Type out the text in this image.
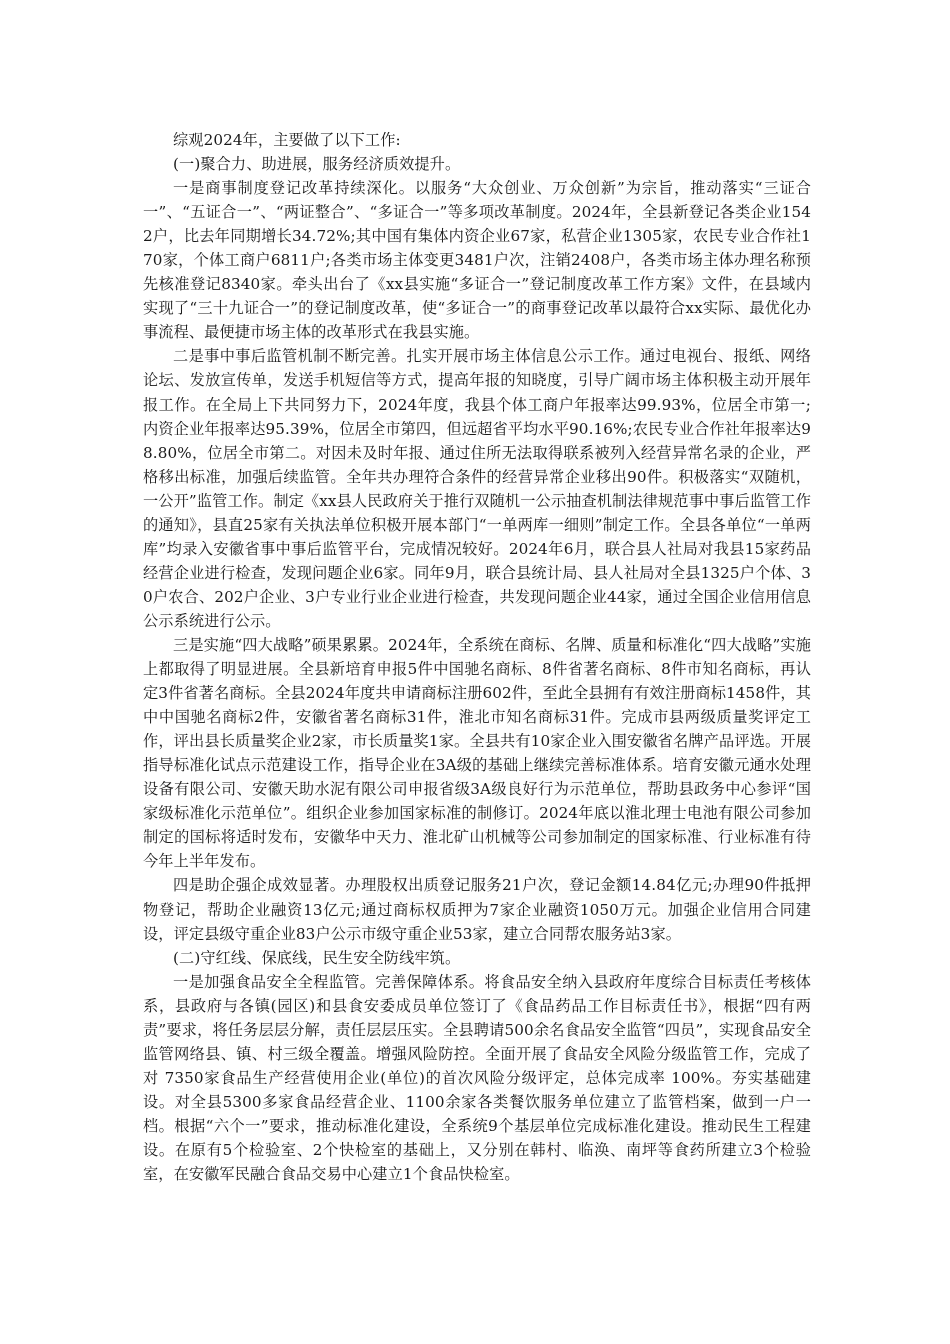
综观2024年，主要做了以下工作:

(一)聚合力、助进展，服务经济质效提升。

一是商事制度登记改革持续深化。以服务“大众创业、万众创新”为宗旨，推动落实“三证合一”、“五证合一”、“两证整合”、“多证合一”等多项改革制度。2024年，全县新登记各类企业1542户，比去年同期增长34.72%;其中国有集体内资企业67家，私营企业1305家，农民专业合作社170家，个体工商户6811户;各类市场主体变更3481户次，注销2408户，各类市场主体办理名称预先核准登记8340家。牵头出台了《xx县实施“多证合一”登记制度改革工作方案》文件，在县域内实现了“三十九证合一”的登记制度改革，使“多证合一”的商事登记改革以最符合xx实际、最优化办事流程、最便捷市场主体的改革形式在我县实施。

二是事中事后监管机制不断完善。扎实开展市场主体信息公示工作。通过电视台、报纸、网络论坛、发放宣传单，发送手机短信等方式，提高年报的知晓度，引导广阔市场主体积极主动开展年报工作。在全局上下共同努力下，2024年度，我县个体工商户年报率达99.93%，位居全市第一;内资企业年报率达95.39%，位居全市第四，但远超省平均水平90.16%;农民专业合作社年报率达98.80%，位居全市第二。对因未及时年报、通过住所无法取得联系被列入经营异常名录的企业，严格移出标准，加强后续监管。全年共办理符合条件的经营异常企业移出90件。积极落实“双随机，一公开”监管工作。制定《xx县人民政府关于推行双随机一公示抽查机制法律规范事中事后监管工作的通知》，县直25家有关执法单位积极开展本部门“一单两库一细则”制定工作。全县各单位“一单两库”均录入安徽省事中事后监管平台，完成情况较好。2024年6月，联合县人社局对我县15家药品经营企业进行检查，发现问题企业6家。同年9月，联合县统计局、县人社局对全县1325户个体、30户农合、202户企业、3户专业行业企业进行检查，共发现问题企业44家，通过全国企业信用信息公示系统进行公示。

三是实施“四大战略”硕果累累。2024年，全系统在商标、名牌、质量和标准化“四大战略”实施上都取得了明显进展。全县新培育申报5件中国驰名商标、8件省著名商标、8件市知名商标，再认定3件省著名商标。全县2024年度共申请商标注册602件，至此全县拥有有效注册商标1458件，其中中国驰名商标2件，安徽省著名商标31件，淮北市知名商标31件。完成市县两级质量奖评定工作，评出县长质量奖企业2家，市长质量奖1家。全县共有10家企业入围安徽省名牌产品评选。开展指导标准化试点示范建设工作，指导企业在3A级的基础上继续完善标准体系。培育安徽元通水处理设备有限公司、安徽天助水泥有限公司申报省级3A级良好行为示范单位，帮助县政务中心参评“国家级标准化示范单位”。组织企业参加国家标准的制修订。2024年底以淮北理士电池有限公司参加制定的国标将适时发布，安徽华中天力、淮北矿山机械等公司参加制定的国家标准、行业标准有待今年上半年发布。

四是助企强企成效显著。办理股权出质登记服务21户次，登记金额14.84亿元;办理90件抵押物登记，帮助企业融资13亿元;通过商标权质押为7家企业融资1050万元。加强企业信用合同建设，评定县级守重企业83户公示市级守重企业53家，建立合同帮农服务站3家。

(二)守红线、保底线，民生安全防线牢筑。

一是加强食品安全全程监管。完善保障体系。将食品安全纳入县政府年度综合目标责任考核体系，县政府与各镇(园区)和县食安委成员单位签订了《食品药品工作目标责任书》，根据“四有两责”要求，将任务层层分解，责任层层压实。全县聘请500余名食品安全监管“四员”，实现食品安全监管网络县、镇、村三级全覆盖。增强风险防控。全面开展了食品安全风险分级监管工作，完成了对 7350家食品生产经营使用企业(单位)的首次风险分级评定，总体完成率 100%。夯实基础建设。对全县5300多家食品经营企业、1100余家各类餐饮服务单位建立了监管档案，做到一户一档。根据“六个一”要求，推动标准化建设，全系统9个基层单位完成标准化建设。推动民生工程建设。在原有5个检验室、2个快检室的基础上，又分别在韩村、临涣、南坪等食药所建立3个检验室，在安徽军民融合食品交易中心建立1个食品快检室。
